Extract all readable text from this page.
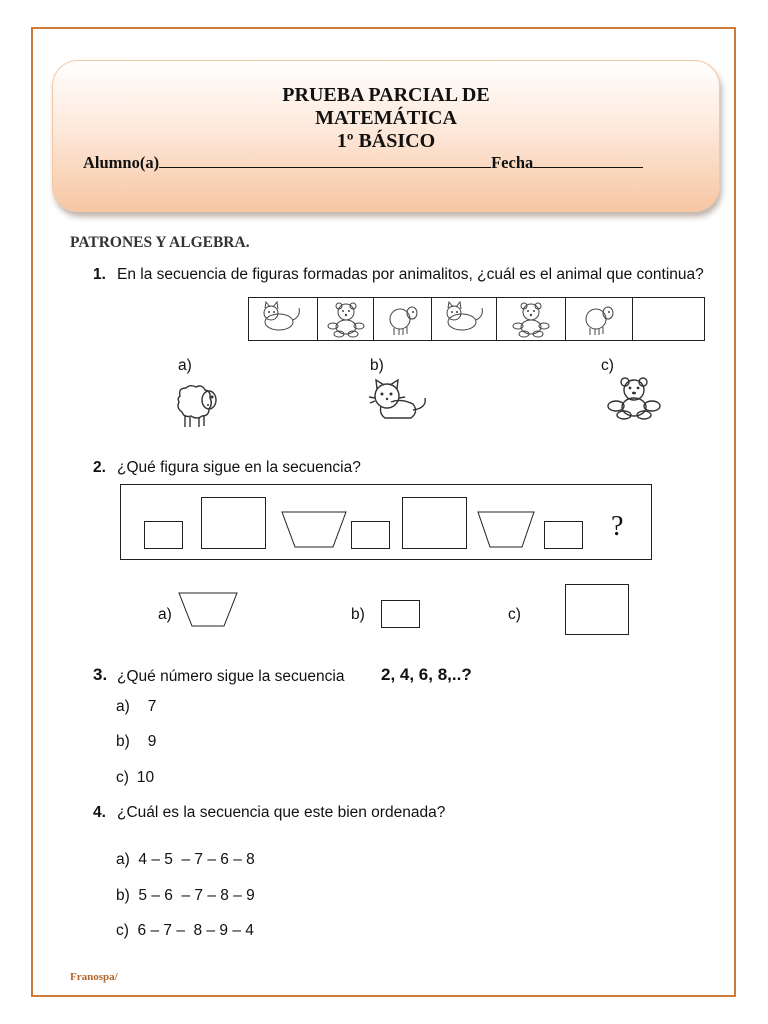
PRUEBA PARCIAL DE
MATEMÁTICA
1º BÁSICO
Alumno(a)	Fecha
PATRONES Y ALGEBRA.
1. En la secuencia de figuras formadas por animalitos, ¿cuál es el animal que continua?
a)	b)	c)
2. ¿Qué figura sigue en la secuencia?
?
a)	b)	c)
3. ¿Qué número sigue la secuencia 2, 4, 6, 8,..?
a) 7
b) 9
c) 10
4. ¿Cuál es la secuencia que este bien ordenada?
a) 4 – 5  – 7 – 6 – 8
b) 5 – 6  – 7 – 8 – 9
c) 6 – 7 –  8 – 9 – 4
Franospa/
